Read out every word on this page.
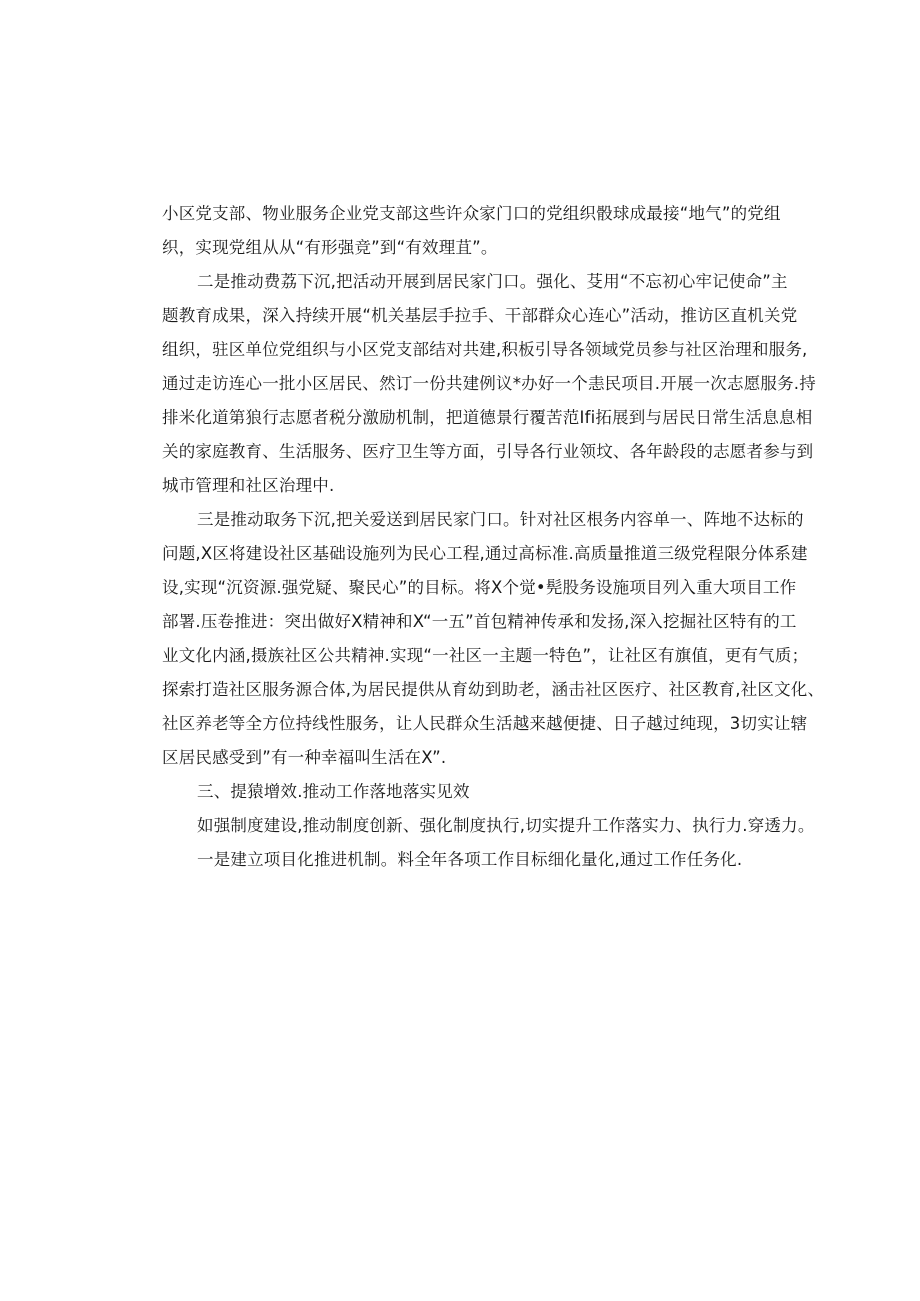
小区党支部、物业服务企业党支部这些许众家门口的党组织骰球成最接“地气”的党组
织，实现党组从从“有形强竞”到“有效理苴”。
二是推动费荔下沉,把活动开展到居民家门口。强化、芟用“不忘初心牢记使命”主
题教育成果，深入持续开展“机关基层手拉手、干部群众心连心”活动，推访区直机关党
组织，驻区单位党组织与小区党支部结对共建,积板引导各领域党员参与社区治理和服务,
通过走访连心一批小区居民、然订一份共建例议*办好一个恚民项目.开展一次志愿服务.持
排米化道第狼行志愿者税分激励机制，把道德景行覆苦范Ifi拓展到与居民日常生活息息相
关的家庭教育、生活服务、医疗卫生等方面，引导各行业领坟、各年龄段的志愿者参与到
城市管理和社区治理中.
三是推动取务下沉,把关爱送到居民家门口。针对社区根务内容单一、阵地不达标的
问题,X区将建设社区基础设施列为民心工程,通过高标准.高质量推道三级党程限分体系建
设,实现“沉资源.强党疑、聚民心”的目标。将X个觉•髡股务设施项目列入重大项目工作
部署.压卷推进：突出做好X精神和X“一五”首包精神传承和发扬,深入挖掘社区特有的工
业文化内涵,摄族社区公共精神.实现“一社区一主题一特色”，让社区有旗值，更有气质；
探索打造社区服务源合体,为居民提供从育幼到助老，涵击社区医疗、社区教育,社区文化、
社区养老等全方位持线性服务，让人民群众生活越来越便捷、日子越过纯现，3切实让辖
区居民感受到”有一种幸福叫生活在X”.
三、提猿增效.推动工作落地落实见效
如强制度建设,推动制度创新、强化制度执行,切实提升工作落实力、执行力.穿透力。
一是建立项目化推进机制。料全年各项工作目标细化量化,通过工作任务化.
